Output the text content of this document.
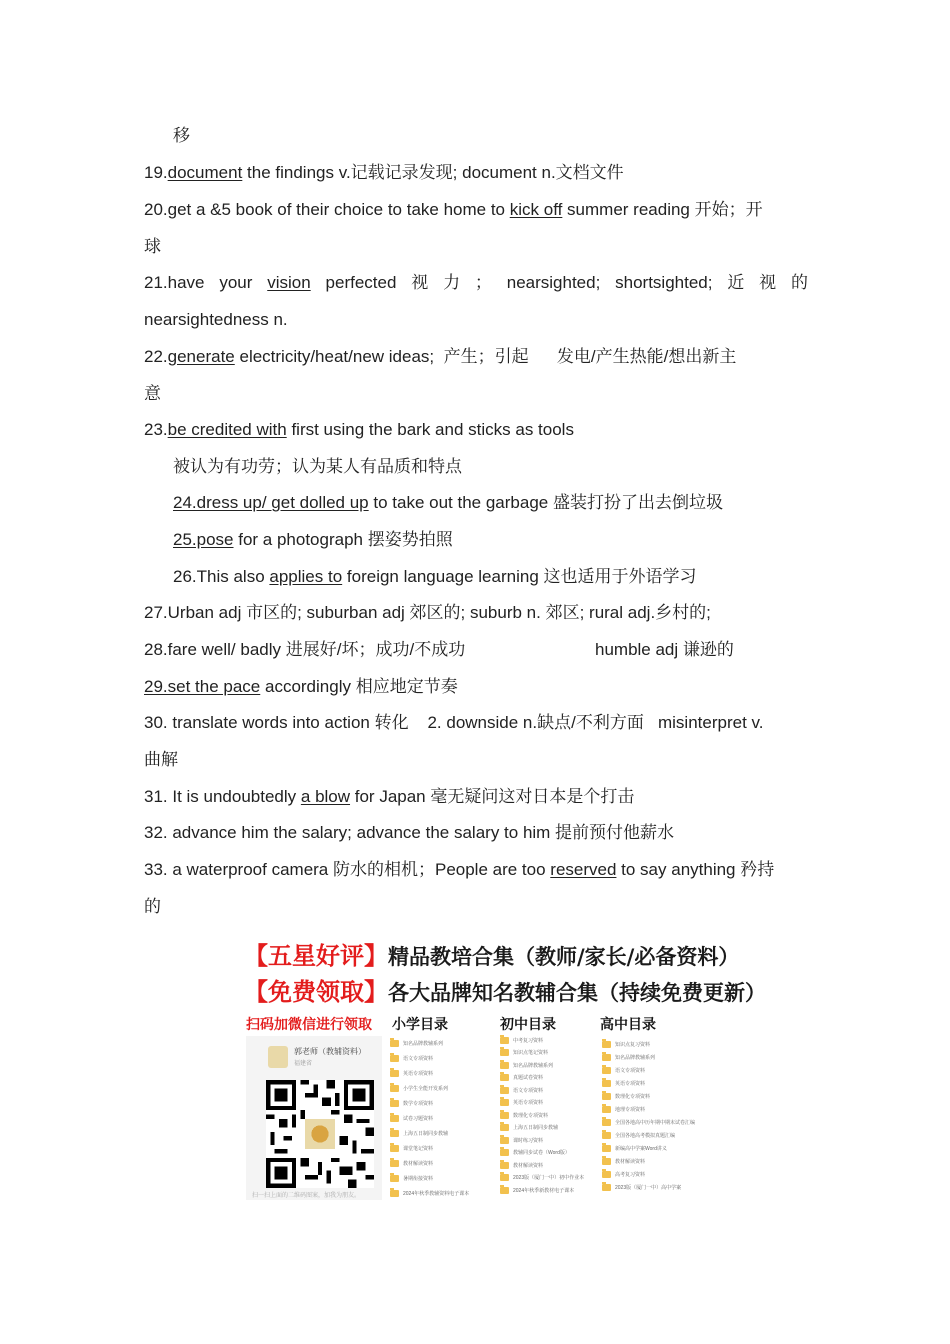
移
19.document the findings v.记载记录发现; document n.文档文件
20.get a &5 book of their choice to take home to kick off summer reading 开始；开
球
21.have your vision perfected 视 力 ； nearsighted; shortsighted; 近 视 的
nearsightedness n.
22.generate electricity/heat/new ideas;  产生；引起      发电/产生热能/想出新主
意
23.be credited with first using the bark and sticks as tools
被认为有功劳；认为某人有品质和特点
24.dress up/ get dolled up to take out the garbage 盛装打扮了出去倒垃圾
25.pose for a photograph 摆姿势拍照
26.This also applies to foreign language learning 这也适用于外语学习
27.Urban adj 市区的; suburban adj 郊区的; suburb n. 郊区; rural adj.乡村的;
28.fare well/ badly 进展好/坏；成功/不成功	humble adj 谦逊的
29.set the pace accordingly 相应地定节奏
30. translate words into action 转化    2. downside n.缺点/不利方面   misinterpret v.
曲解
31. It is undoubtedly a blow for Japan 毫无疑问这对日本是个打击
32. advance him the salary; advance the salary to him 提前预付他薪水
33. a waterproof camera 防水的相机；People are too reserved to say anything 矜持
的
【五星好评】精品教培合集（教师/家长/必备资料）
【免费领取】各大品牌知名教辅合集（持续免费更新）
扫码加微信进行领取 小学目录	初中目录	高中目录
郭老师（教辅资料）
福建省
扫一扫上面的二维码图案，加我为朋友。
知名品牌教辅系列
语文专项资料
英语专项资料
小学生全能开发系列
数学专项资料
试卷习题资料
上海五日制同步教辅
课堂笔记资料
教材解读资料
暑期衔接资料
2024年秋季教辅资料电子课本
中考复习资料
知识点笔记资料
知名品牌教辅系列
真题试卷资料
语文专项资料
英语专项资料
数理化专项资料
上海五日制同步教辅
课时练习资料
教辅同步试卷（Word版）
教材解读资料
2023版（厦门一中）初中作业本
2024年秋季新教材电子课本
知识点复习资料
知名品牌教辅系列
语文专项资料
英语专项资料
数理化专项资料
地理专项资料
全国各地高中历年期中期末试卷汇编
全国各地高考模拟真题汇编
新编高中学案Word讲义
教材解读资料
高考复习资料
2023版（厦门一中）高中学案
